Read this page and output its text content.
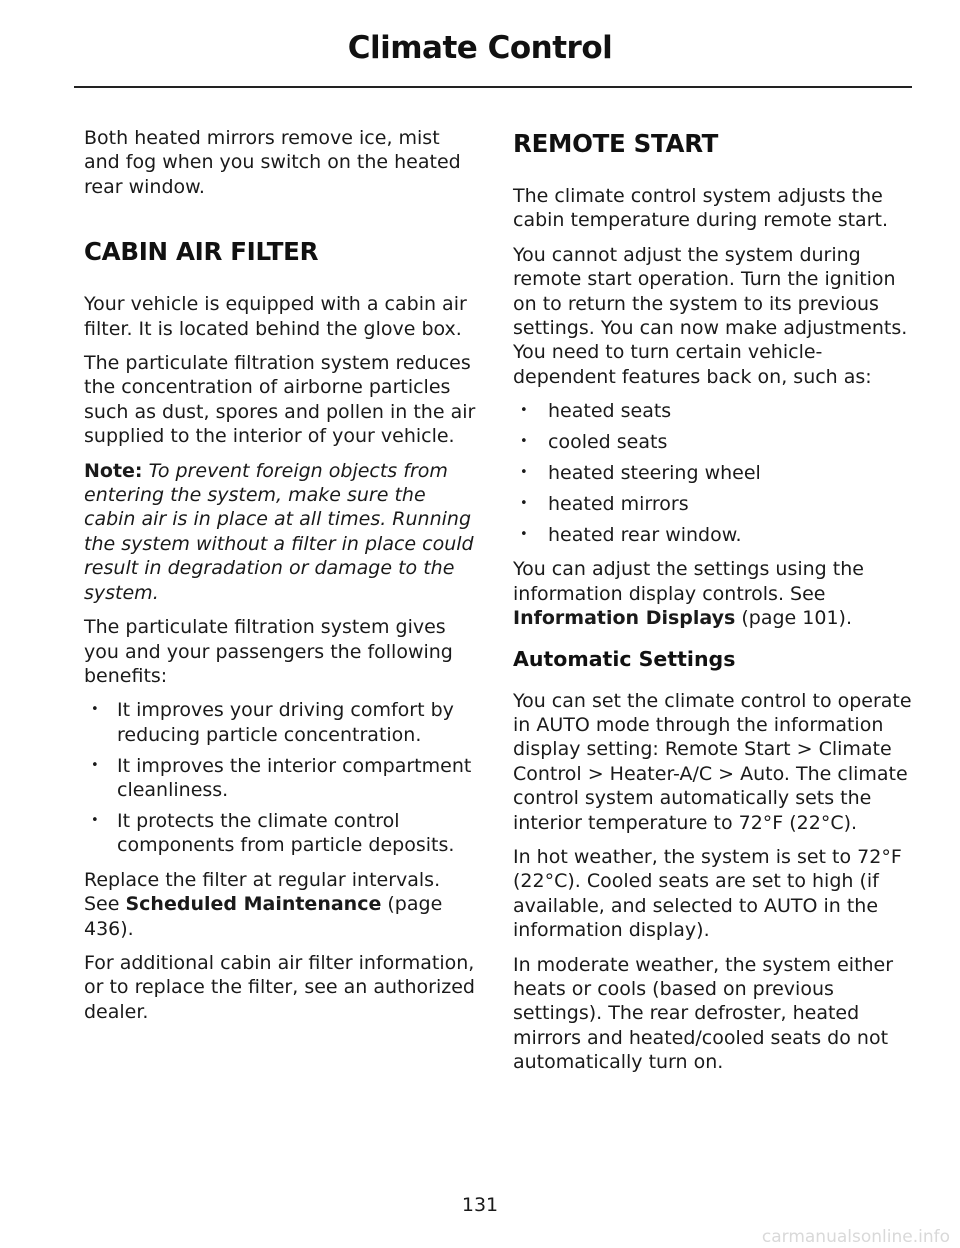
Climate Control

Both heated mirrors remove ice, mist and fog when you switch on the heated rear window.

CABIN AIR FILTER

Your vehicle is equipped with a cabin air filter. It is located behind the glove box.

The particulate filtration system reduces the concentration of airborne particles such as dust, spores and pollen in the air supplied to the interior of your vehicle.

Note: To prevent foreign objects from entering the system, make sure the cabin air is in place at all times. Running the system without a filter in place could result in degradation or damage to the system.

The particulate filtration system gives you and your passengers the following benefits:

• It improves your driving comfort by reducing particle concentration.
• It improves the interior compartment cleanliness.
• It protects the climate control components from particle deposits.

Replace the filter at regular intervals. See Scheduled Maintenance (page 436).

For additional cabin air filter information, or to replace the filter, see an authorized dealer.

REMOTE START

The climate control system adjusts the cabin temperature during remote start.

You cannot adjust the system during remote start operation. Turn the ignition on to return the system to its previous settings. You can now make adjustments. You need to turn certain vehicle-dependent features back on, such as:

• heated seats
• cooled seats
• heated steering wheel
• heated mirrors
• heated rear window.

You can adjust the settings using the information display controls. See Information Displays (page 101).

Automatic Settings

You can set the climate control to operate in AUTO mode through the information display setting: Remote Start > Climate Control > Heater-A/C > Auto. The climate control system automatically sets the interior temperature to 72°F (22°C).

In hot weather, the system is set to 72°F (22°C). Cooled seats are set to high (if available, and selected to AUTO in the information display).

In moderate weather, the system either heats or cools (based on previous settings). The rear defroster, heated mirrors and heated/cooled seats do not automatically turn on.

131
carmanualsonline.info
